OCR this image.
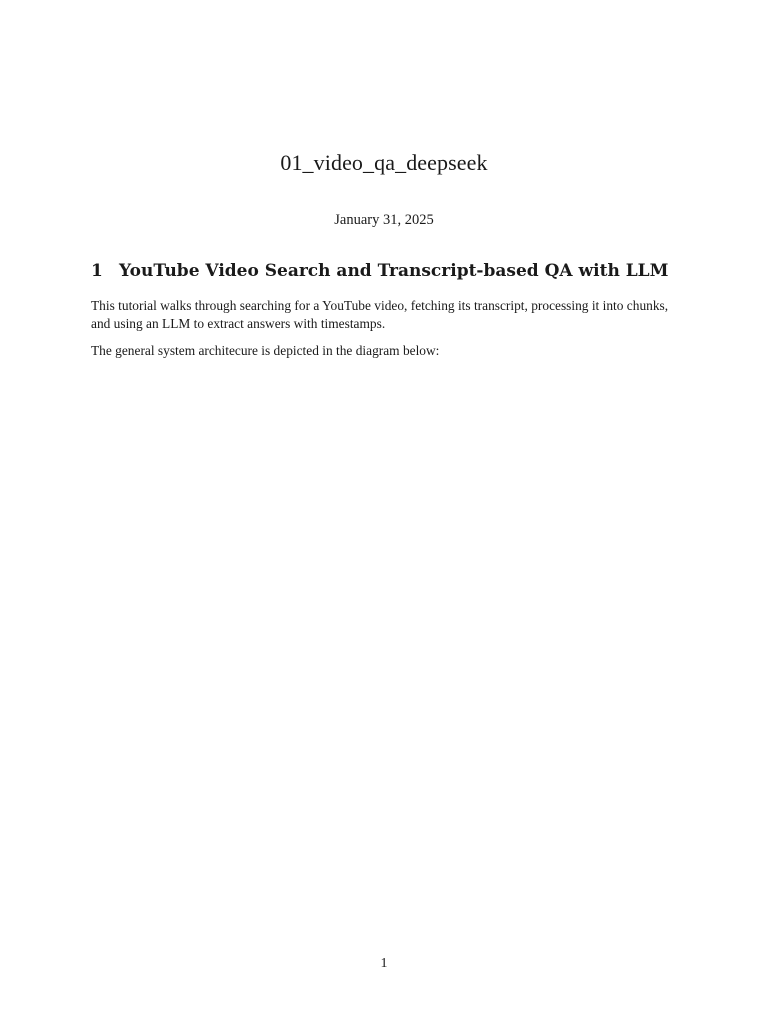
01_video_qa_deepseek

January 31, 2025

1 YouTube Video Search and Transcript-based QA with LLM

This tutorial walks through searching for a YouTube video, fetching its transcript, processing it into chunks, and using an LLM to extract answers with timestamps.

The general system architecure is depicted in the diagram below:

1
